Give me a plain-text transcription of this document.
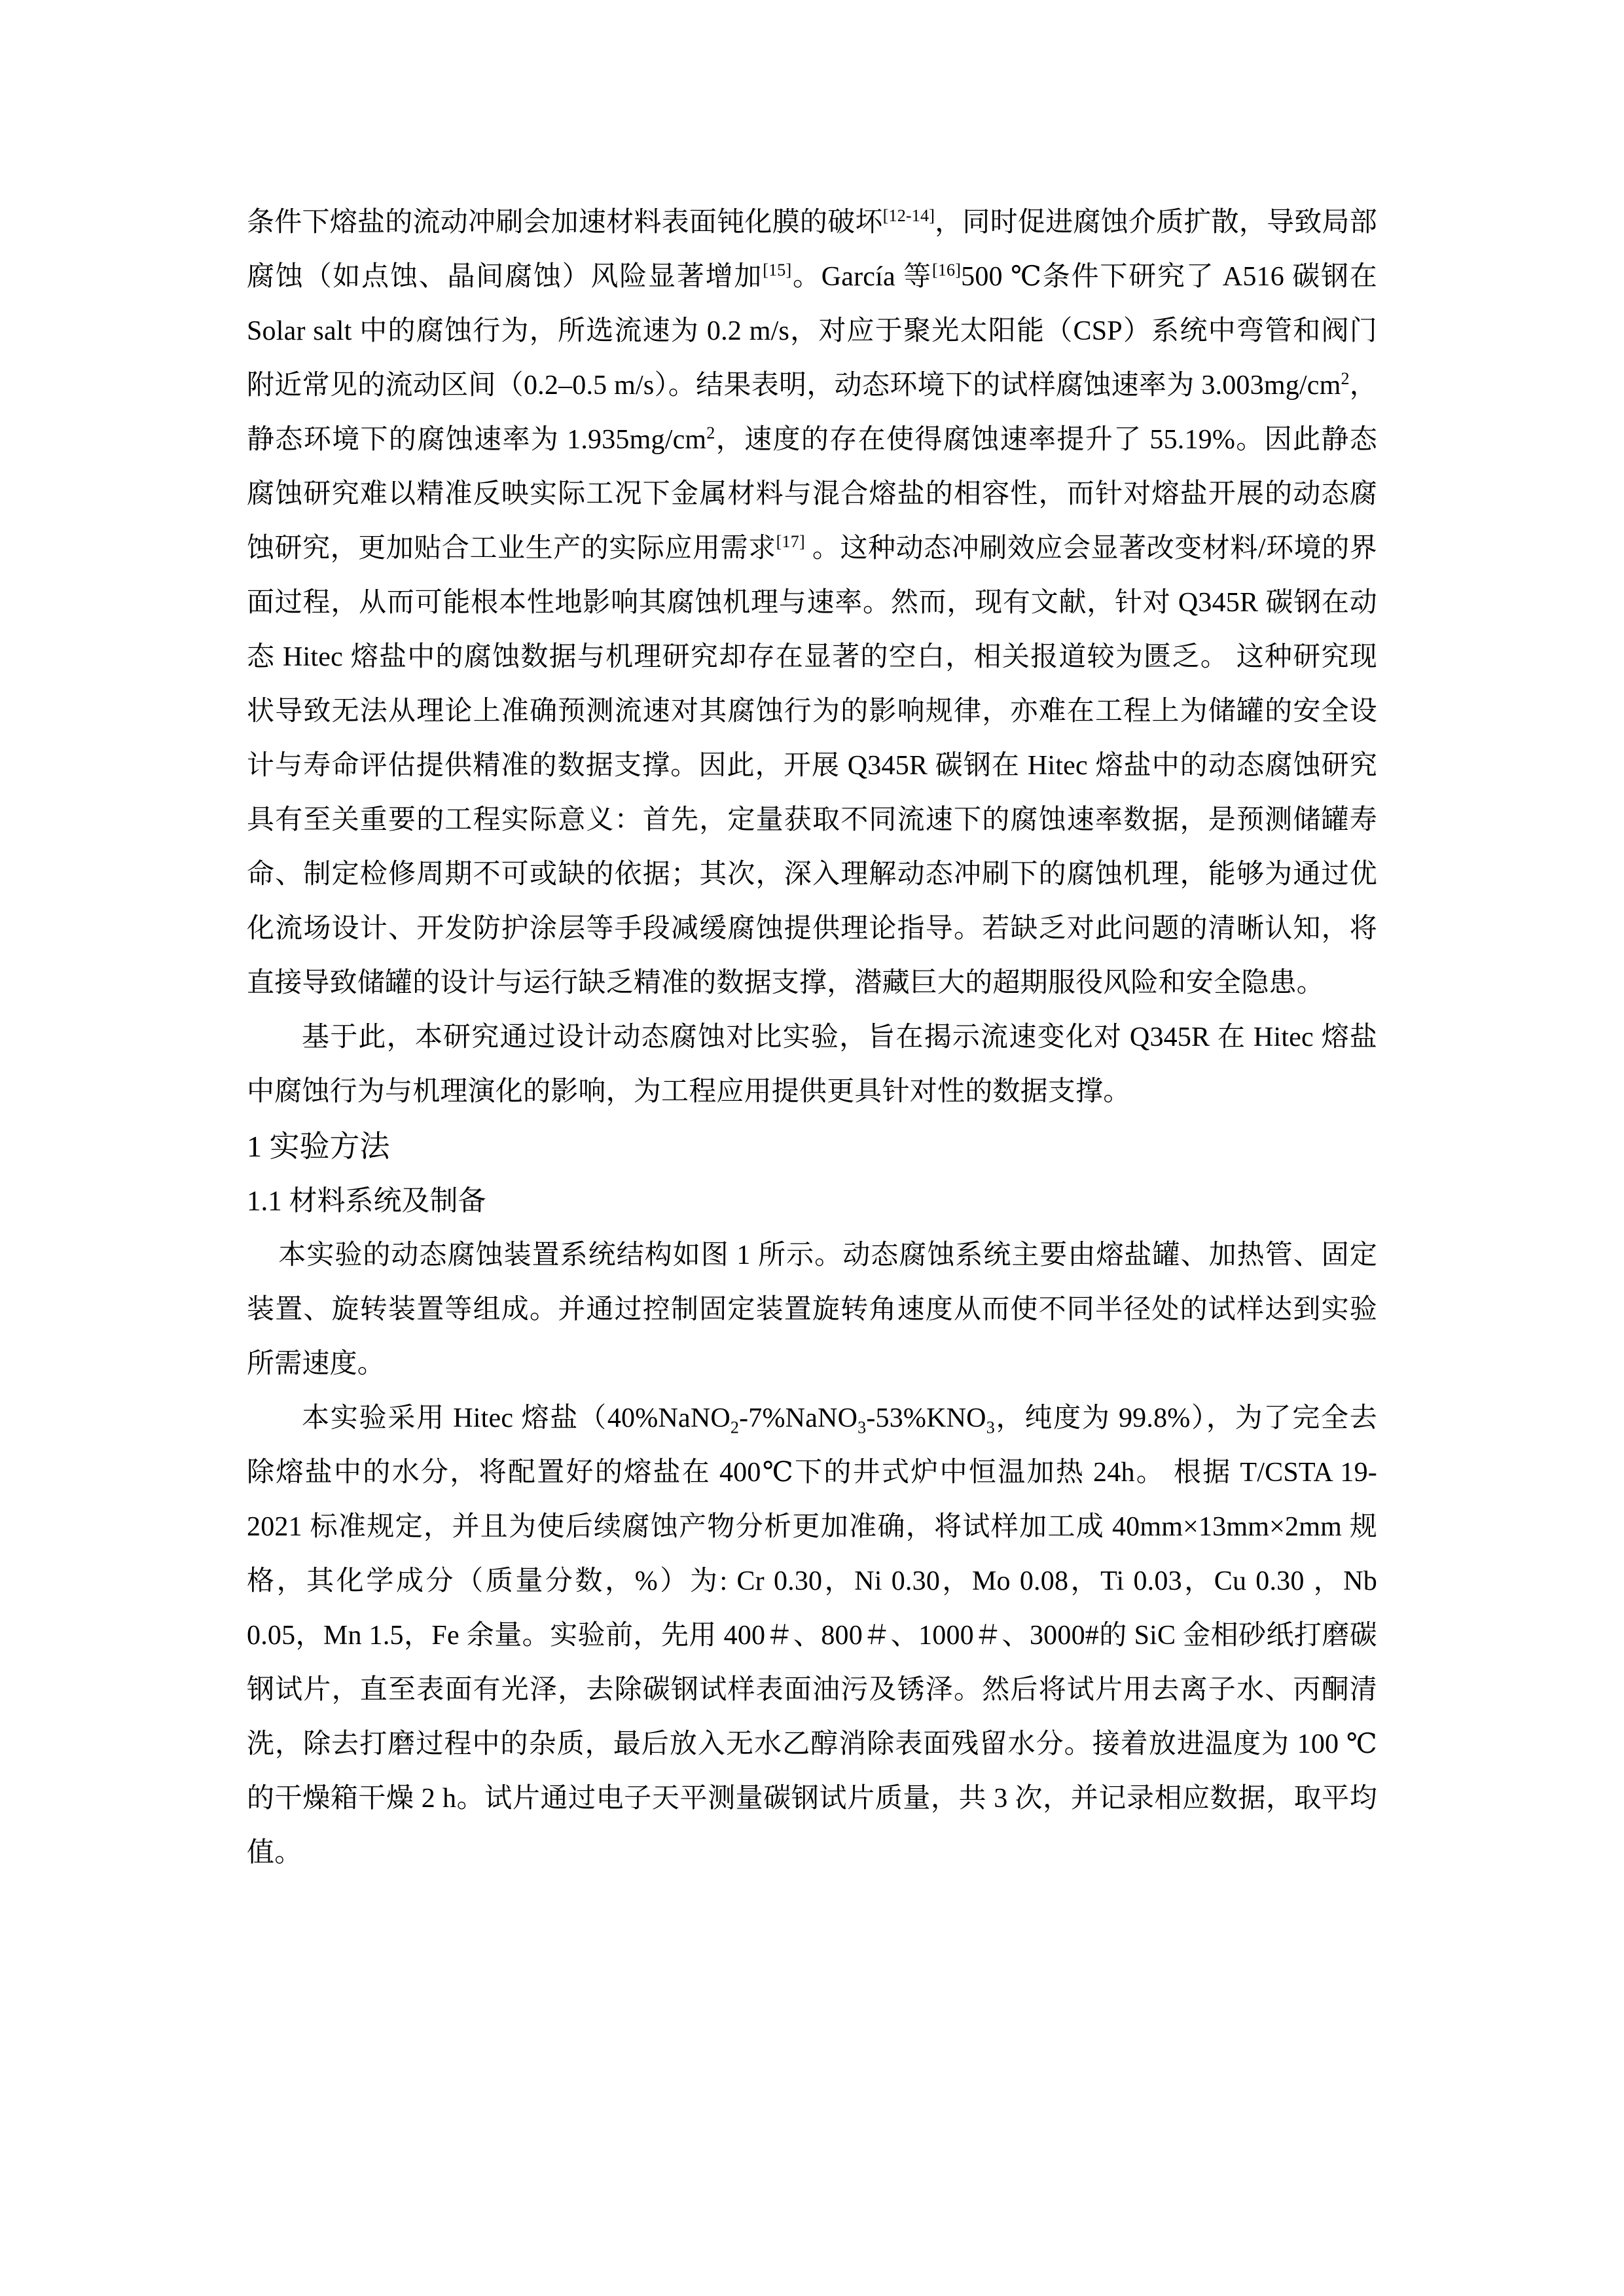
条件下熔盐的流动冲刷会加速材料表面钝化膜的破坏[12-14]，同时促进腐蚀介质扩散，导致局部腐蚀（如点蚀、晶间腐蚀）风险显著增加[15]。García 等[16]500 ℃条件下研究了 A516 碳钢在 Solar salt 中的腐蚀行为，所选流速为 0.2 m/s，对应于聚光太阳能（CSP）系统中弯管和阀门附近常见的流动区间（0.2–0.5 m/s）。结果表明，动态环境下的试样腐蚀速率为 $3.003mg/cm^2$，静态环境下的腐蚀速率为 $1.935mg/cm^2$，速度的存在使得腐蚀速率提升了 55.19%。因此静态腐蚀研究难以精准反映实际工况下金属材料与混合熔盐的相容性，而针对熔盐开展的动态腐蚀研究，更加贴合工业生产的实际应用需求[17] 。这种动态冲刷效应会显著改变材料/环境的界面过程，从而可能根本性地影响其腐蚀机理与速率。然而，现有文献，针对 Q345R 碳钢在动态 Hitec 熔盐中的腐蚀数据与机理研究却存在显著的空白，相关报道较为匮乏。 这种研究现状导致无法从理论上准确预测流速对其腐蚀行为的影响规律，亦难在工程上为储罐的安全设计与寿命评估提供精准的数据支撑。因此，开展 Q345R 碳钢在 Hitec 熔盐中的动态腐蚀研究具有至关重要的工程实际意义：首先，定量获取不同流速下的腐蚀速率数据，是预测储罐寿命、制定检修周期不可或缺的依据；其次，深入理解动态冲刷下的腐蚀机理，能够为通过优化流场设计、开发防护涂层等手段减缓腐蚀提供理论指导。若缺乏对此问题的清晰认知，将直接导致储罐的设计与运行缺乏精准的数据支撑，潜藏巨大的超期服役风险和安全隐患。

基于此，本研究通过设计动态腐蚀对比实验，旨在揭示流速变化对 Q345R 在 Hitec 熔盐中腐蚀行为与机理演化的影响，为工程应用提供更具针对性的数据支撑。

1 实验方法
1.1 材料系统及制备

本实验的动态腐蚀装置系统结构如图 1 所示。动态腐蚀系统主要由熔盐罐、加热管、固定装置、旋转装置等组成。并通过控制固定装置旋转角速度从而使不同半径处的试样达到实验所需速度。

本实验采用 Hitec 熔盐（$40\%NaNO_2-7\%NaNO_3-53\%KNO_3$，纯度为 99.8%），为了完全去除熔盐中的水分，将配置好的熔盐在 400℃下的井式炉中恒温加热 24h。 根据 T/CSTA 19-2021 标准规定，并且为使后续腐蚀产物分析更加准确，将试样加工成 40mm×13mm×2mm 规格，其化学成分（质量分数，%）为: Cr 0.30，Ni 0.30，Mo 0.08，Ti 0.03，Cu 0.30 ，Nb 0.05，Mn 1.5，Fe 余量。实验前，先用 400＃、800＃、1000＃、3000#的 SiC 金相砂纸打磨碳钢试片，直至表面有光泽，去除碳钢试样表面油污及锈泽。然后将试片用去离子水、丙酮清洗，除去打磨过程中的杂质，最后放入无水乙醇消除表面残留水分。接着放进温度为 100 ℃的干燥箱干燥 2 h。试片通过电子天平测量碳钢试片质量，共 3 次，并记录相应数据，取平均值。
